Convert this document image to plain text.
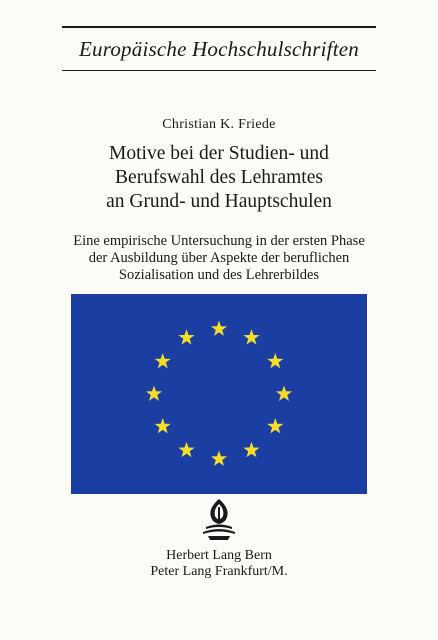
Europäische Hochschulschriften
Christian K. Friede
Motive bei der Studien- und
Berufswahl des Lehramtes
an Grund- und Hauptschulen
Eine empirische Untersuchung in der ersten Phase
der Ausbildung über Aspekte der beruflichen
Sozialisation und des Lehrerbildes
Herbert Lang Bern
Peter Lang Frankfurt/M.
